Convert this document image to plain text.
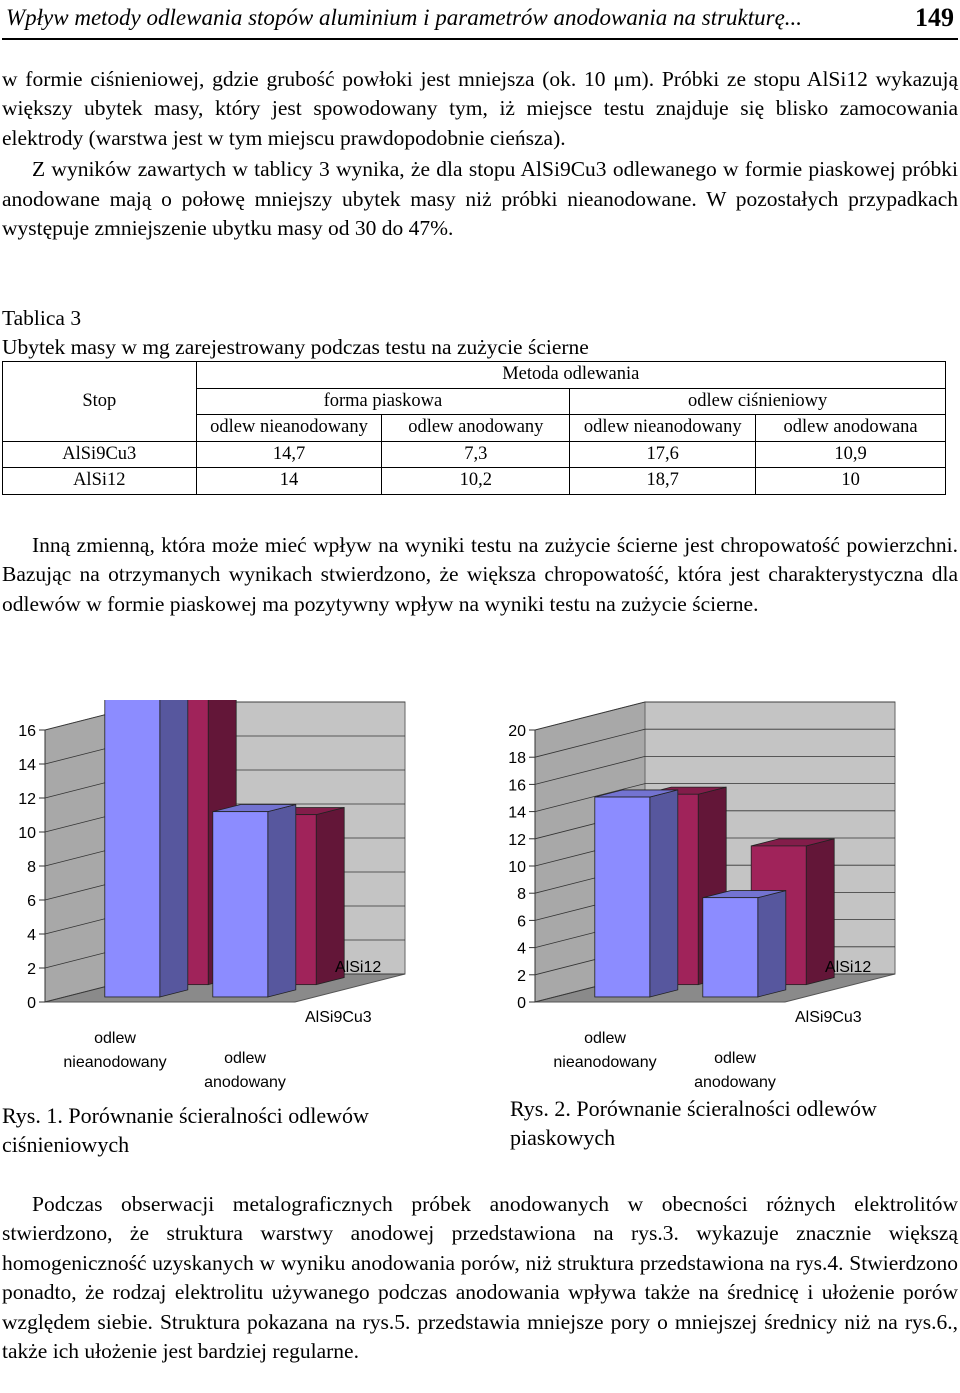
Wpływ metody odlewania stopów aluminium i parametrów anodowania na strukturę...	149

w formie ciśnieniowej, gdzie grubość powłoki jest mniejsza (ok. 10 μm). Próbki ze stopu AlSi12 wykazują większy ubytek masy, który jest spowodowany tym, iż miejsce testu znajduje się blisko zamocowania elektrody (warstwa jest w tym miejscu prawdopodobnie cieńsza).

Z wyników zawartych w tablicy 3 wynika, że dla stopu AlSi9Cu3 odlewanego w formie piaskowej próbki anodowane mają o połowę mniejszy ubytek masy niż próbki nieanodowane. W pozostałych przypadkach występuje zmniejszenie ubytku masy od 30 do 47%.

Tablica 3
Ubytek masy w mg zarejestrowany podczas testu na zużycie ścierne
Stop	Metoda odlewania			
	forma piaskowa		odlew ciśnieniowy	
	odlew nieanodowany	odlew anodowany	odlew nieanodowany	odlew anodowana
AlSi9Cu3	14,7	7,3	17,6	10,9
AlSi12	14	10,2	18,7	10

Inną zmienną, która może mieć wpływ na wyniki testu na zużycie ścierne jest chropowatość powierzchni. Bazując na otrzymanych wynikach stwierdzono, że większa chropowatość, która jest charakterystyczna dla odlewów w formie piaskowej ma pozytywny wpływ na wyniki testu na zużycie ścierne.

0
2
4
6
8
10
12
14
16
AlSi12
AlSi9Cu3
odlew
nieanodowany	odlew
anodowany
0
2
4
6
8
10
12
14
16
18
20
AlSi12
AlSi9Cu3
odlew
nieanodowany	odlew
anodowany
Rys. 1. Porównanie ścieralności odlewów
ciśnieniowych
Rys. 2. Porównanie ścieralności odlewów
piaskowych

Podczas obserwacji metalograficznych próbek anodowanych w obecności różnych elektrolitów stwierdzono, że struktura warstwy anodowej przedstawiona na rys.3. wykazuje znacznie większą homogeniczność uzyskanych w wyniku anodowania porów, niż struktura przedstawiona na rys.4. Stwierdzono ponadto, że rodzaj elektrolitu używanego podczas anodowania wpływa także na średnicę i ułożenie porów względem siebie. Struktura pokazana na rys.5. przedstawia mniejsze pory o mniejszej średnicy niż na rys.6., także ich ułożenie jest bardziej regularne.
